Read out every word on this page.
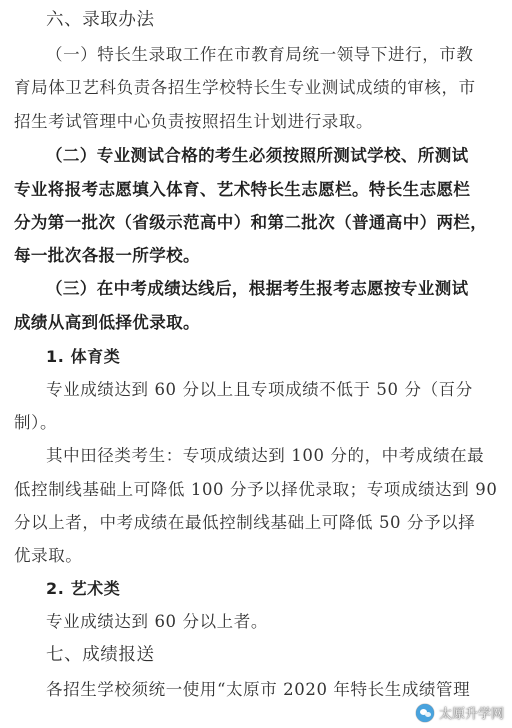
六、录取办法
（一）特长生录取工作在市教育局统一领导下进行，市教
育局体卫艺科负责各招生学校特长生专业测试成绩的审核，市
招生考试管理中心负责按照招生计划进行录取。
（二）专业测试合格的考生必须按照所测试学校、所测试
专业将报考志愿填入体育、艺术特长生志愿栏。特长生志愿栏
分为第一批次（省级示范高中）和第二批次（普通高中）两栏，
每一批次各报一所学校。
（三）在中考成绩达线后，根据考生报考志愿按专业测试
成绩从高到低择优录取。
1. 体育类
专业成绩达到 60 分以上且专项成绩不低于 50 分（百分
制）。
其中田径类考生：专项成绩达到 100 分的，中考成绩在最
低控制线基础上可降低 100 分予以择优录取；专项成绩达到 90
分以上者，中考成绩在最低控制线基础上可降低 50 分予以择
优录取。
2. 艺术类
专业成绩达到 60 分以上者。
七、成绩报送
各招生学校须统一使用“太原市 2020 年特长生成绩管理
太原升学网
